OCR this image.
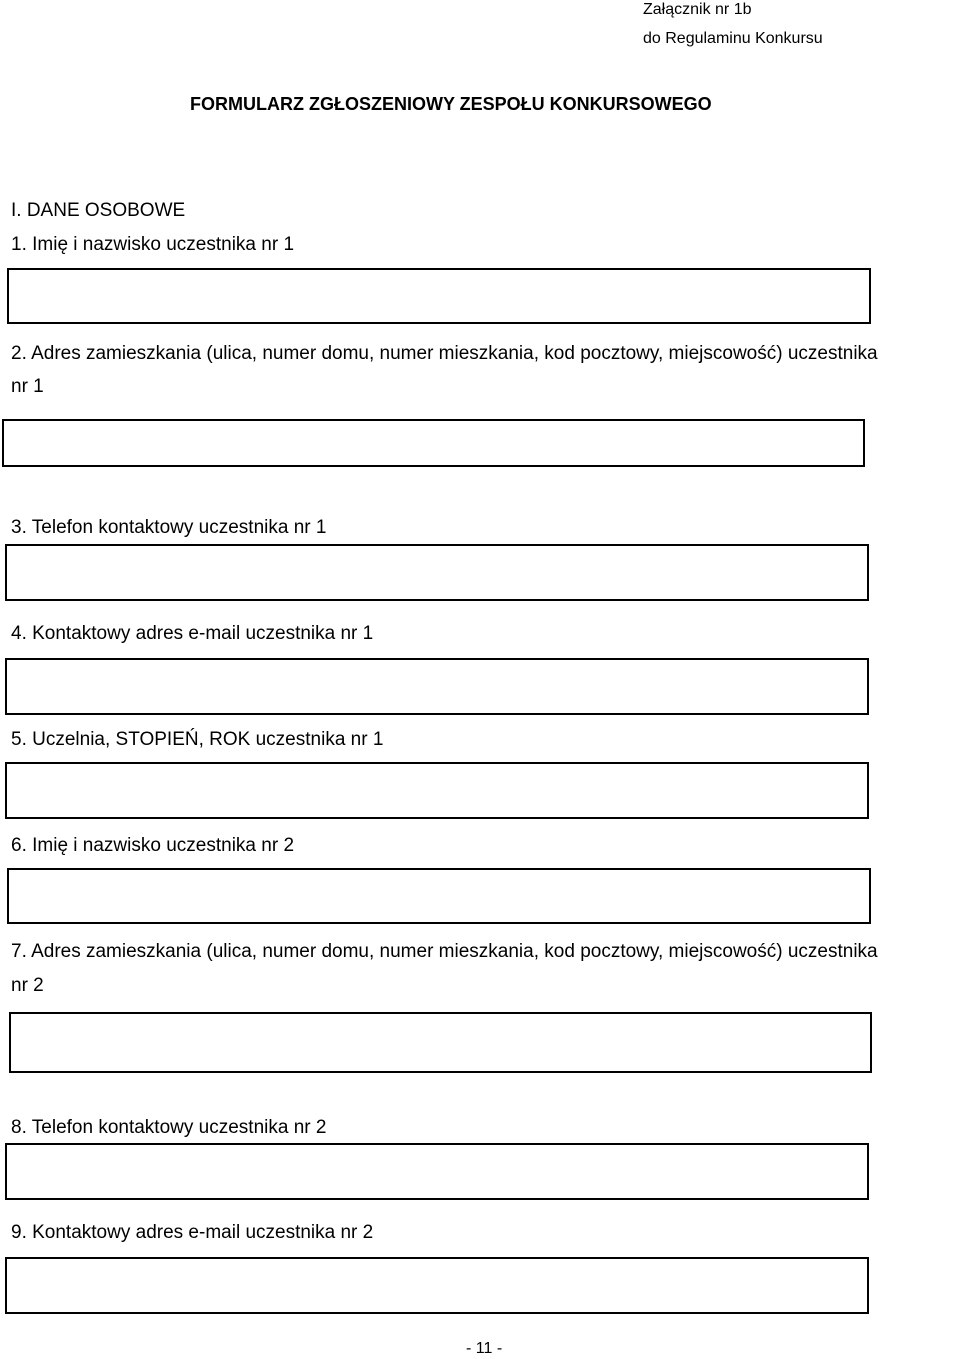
Załącznik nr 1b
do Regulaminu Konkursu
FORMULARZ ZGŁOSZENIOWY ZESPOŁU KONKURSOWEGO
I. DANE OSOBOWE
1. Imię i nazwisko uczestnika nr 1
2. Adres zamieszkania (ulica, numer domu, numer mieszkania, kod pocztowy, miejscowość) uczestnika
nr 1
3. Telefon kontaktowy uczestnika nr 1
4. Kontaktowy adres e-mail uczestnika nr 1
5. Uczelnia, STOPIEŃ, ROK uczestnika nr 1
6. Imię i nazwisko uczestnika nr 2
7. Adres zamieszkania (ulica, numer domu, numer mieszkania, kod pocztowy, miejscowość) uczestnika
nr 2
8. Telefon kontaktowy uczestnika nr 2
9. Kontaktowy adres e-mail uczestnika nr 2
- 11 -
